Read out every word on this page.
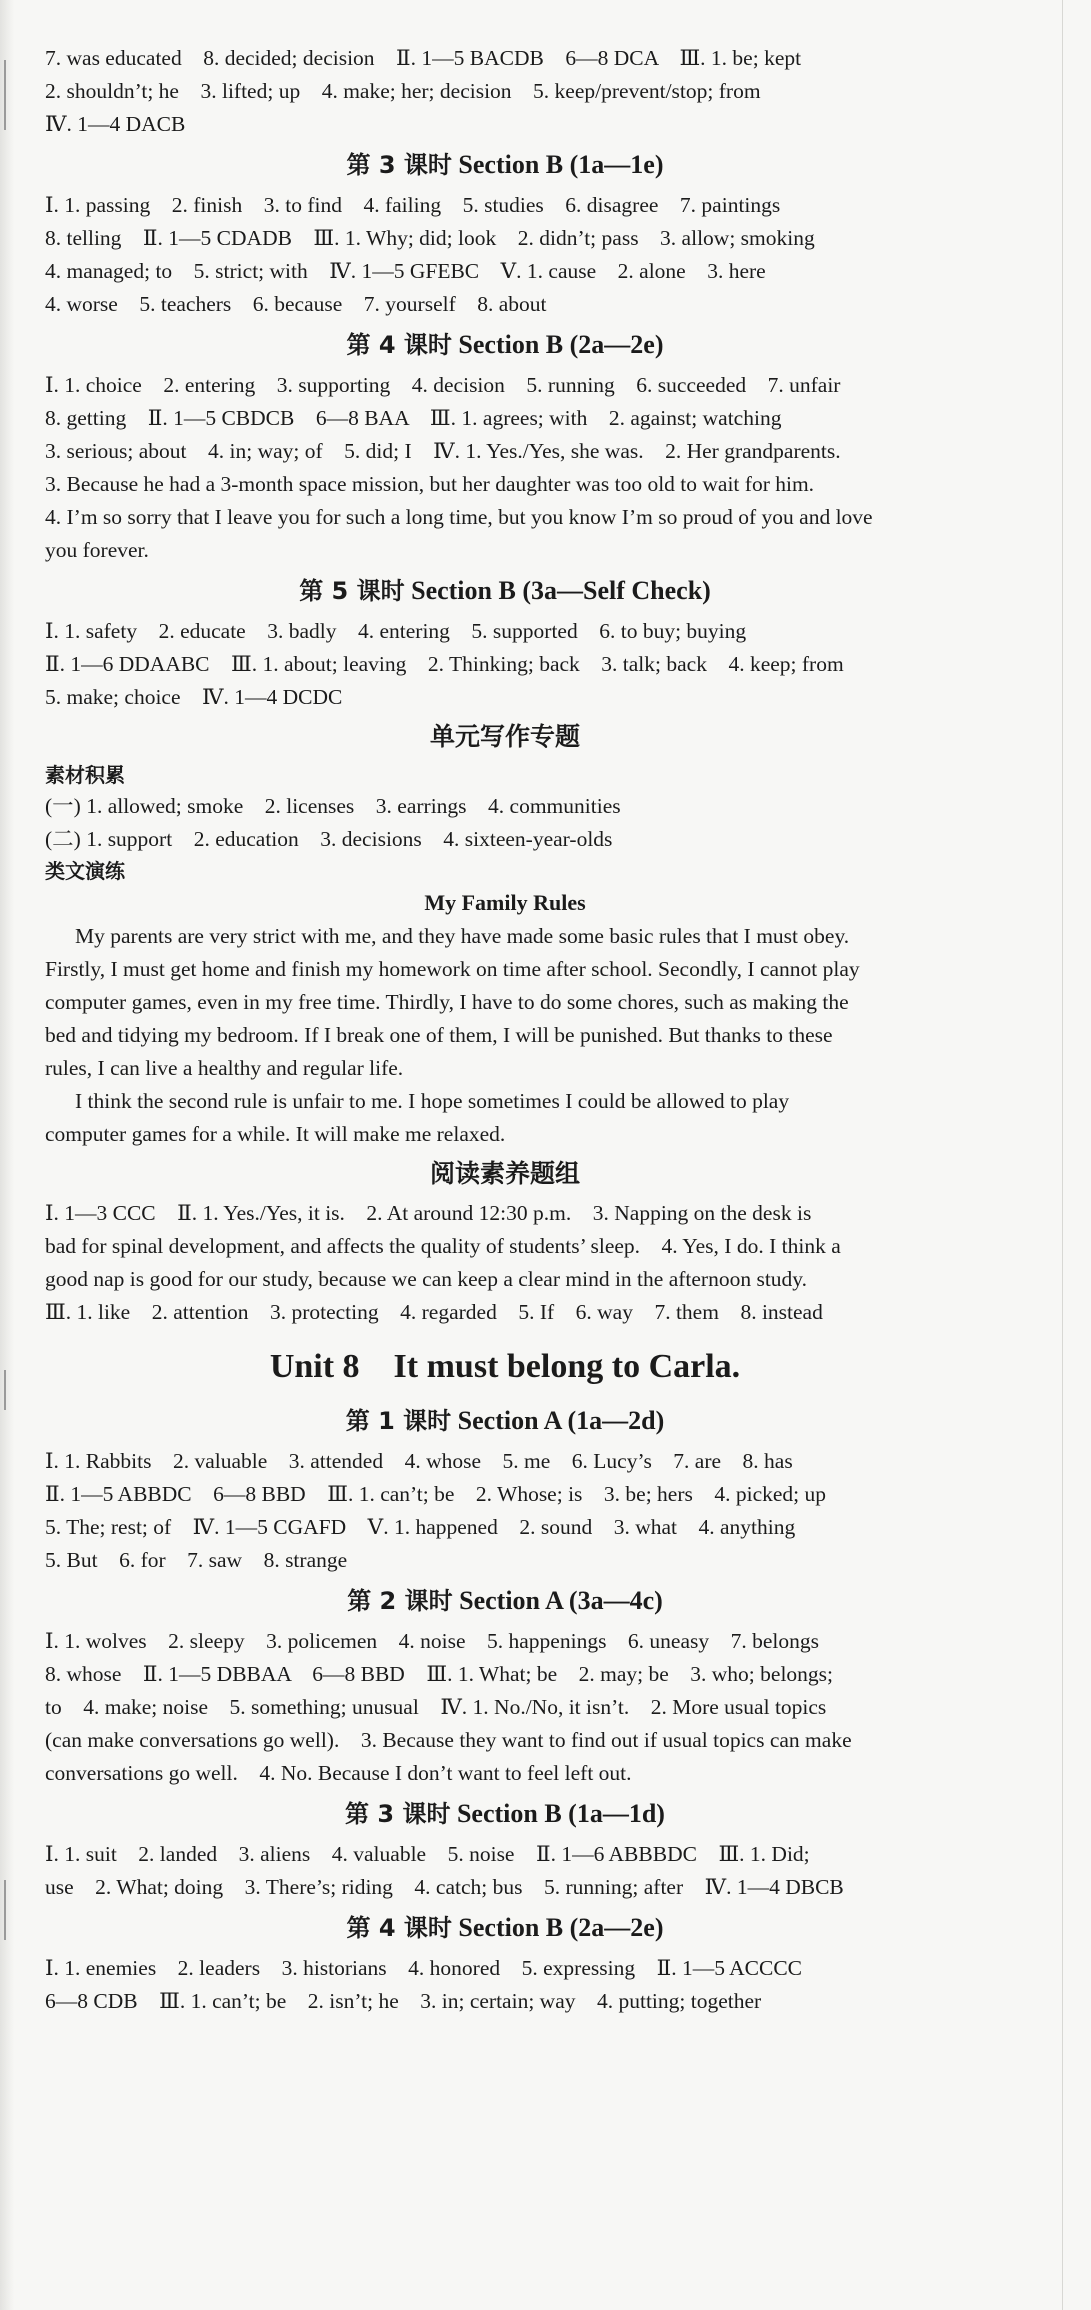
7. was educated　8. decided; decision　Ⅱ. 1—5 BACDB　6—8 DCA　Ⅲ. 1. be; kept
2. shouldn’t; he　3. lifted; up　4. make; her; decision　5. keep/prevent/stop; from
Ⅳ. 1—4 DACB
第 3 课时 Section B (1a—1e)
Ⅰ. 1. passing　2. finish　3. to find　4. failing　5. studies　6. disagree　7. paintings
8. telling　Ⅱ. 1—5 CDADB　Ⅲ. 1. Why; did; look　2. didn’t; pass　3. allow; smoking
4. managed; to　5. strict; with　Ⅳ. 1—5 GFEBC　Ⅴ. 1. cause　2. alone　3. here
4. worse　5. teachers　6. because　7. yourself　8. about
第 4 课时 Section B (2a—2e)
Ⅰ. 1. choice　2. entering　3. supporting　4. decision　5. running　6. succeeded　7. unfair
8. getting　Ⅱ. 1—5 CBDCB　6—8 BAA　Ⅲ. 1. agrees; with　2. against; watching
3. serious; about　4. in; way; of　5. did; I　Ⅳ. 1. Yes./Yes, she was.　2. Her grandparents.
3. Because he had a 3-month space mission, but her daughter was too old to wait for him.
4. I’m so sorry that I leave you for such a long time, but you know I’m so proud of you and love
you forever.
第 5 课时 Section B (3a—Self Check)
Ⅰ. 1. safety　2. educate　3. badly　4. entering　5. supported　6. to buy; buying
Ⅱ. 1—6 DDAABC　Ⅲ. 1. about; leaving　2. Thinking; back　3. talk; back　4. keep; from
5. make; choice　Ⅳ. 1—4 DCDC
单元写作专题
素材积累
(一) 1. allowed; smoke　2. licenses　3. earrings　4. communities
(二) 1. support　2. education　3. decisions　4. sixteen-year-olds
类文演练
My Family Rules
My parents are very strict with me, and they have made some basic rules that I must obey.
Firstly, I must get home and finish my homework on time after school. Secondly, I cannot play
computer games, even in my free time. Thirdly, I have to do some chores, such as making the
bed and tidying my bedroom. If I break one of them, I will be punished. But thanks to these
rules, I can live a healthy and regular life.
I think the second rule is unfair to me. I hope sometimes I could be allowed to play
computer games for a while. It will make me relaxed.
阅读素养题组
Ⅰ. 1—3 CCC　Ⅱ. 1. Yes./Yes, it is.　2. At around 12:30 p.m.　3. Napping on the desk is
bad for spinal development, and affects the quality of students’ sleep.　4. Yes, I do. I think a
good nap is good for our study, because we can keep a clear mind in the afternoon study.
Ⅲ. 1. like　2. attention　3. protecting　4. regarded　5. If　6. way　7. them　8. instead
Unit 8　It must belong to Carla.
第 1 课时 Section A (1a—2d)
Ⅰ. 1. Rabbits　2. valuable　3. attended　4. whose　5. me　6. Lucy’s　7. are　8. has
Ⅱ. 1—5 ABBDC　6—8 BBD　Ⅲ. 1. can’t; be　2. Whose; is　3. be; hers　4. picked; up
5. The; rest; of　Ⅳ. 1—5 CGAFD　Ⅴ. 1. happened　2. sound　3. what　4. anything
5. But　6. for　7. saw　8. strange
第 2 课时 Section A (3a—4c)
Ⅰ. 1. wolves　2. sleepy　3. policemen　4. noise　5. happenings　6. uneasy　7. belongs
8. whose　Ⅱ. 1—5 DBBAA　6—8 BBD　Ⅲ. 1. What; be　2. may; be　3. who; belongs;
to　4. make; noise　5. something; unusual　Ⅳ. 1. No./No, it isn’t.　2. More usual topics
(can make conversations go well).　3. Because they want to find out if usual topics can make
conversations go well.　4. No. Because I don’t want to feel left out.
第 3 课时 Section B (1a—1d)
Ⅰ. 1. suit　2. landed　3. aliens　4. valuable　5. noise　Ⅱ. 1—6 ABBBDC　Ⅲ. 1. Did;
use　2. What; doing　3. There’s; riding　4. catch; bus　5. running; after　Ⅳ. 1—4 DBCB
第 4 课时 Section B (2a—2e)
Ⅰ. 1. enemies　2. leaders　3. historians　4. honored　5. expressing　Ⅱ. 1—5 ACCCC
6—8 CDB　Ⅲ. 1. can’t; be　2. isn’t; he　3. in; certain; way　4. putting; together
